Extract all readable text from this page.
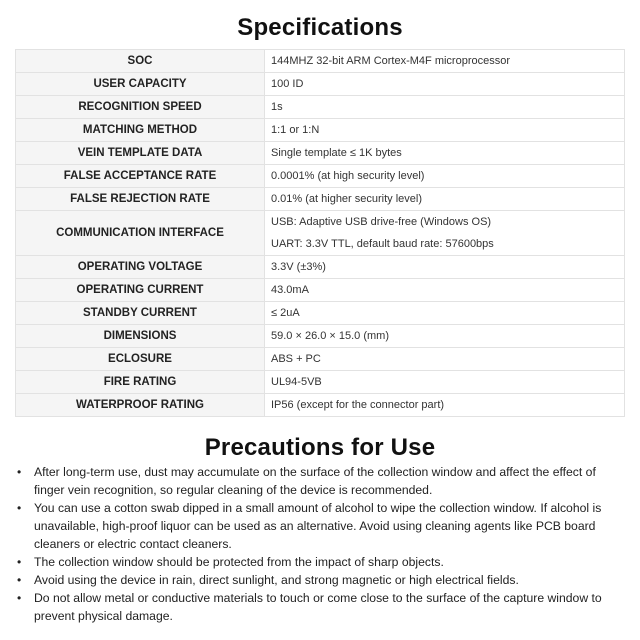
Specifications
SOC	144MHZ 32-bit ARM Cortex-M4F microprocessor

USER CAPACITY	100 ID

RECOGNITION SPEED	1s

MATCHING METHOD	1:1 or 1:N

VEIN TEMPLATE DATA	Single template ≤ 1K bytes

FALSE ACCEPTANCE RATE	0.0001% (at high security level)

FALSE REJECTION RATE	0.01% (at higher security level)

COMMUNICATION INTERFACE	USB: Adaptive USB drive-free (Windows OS)
UART: 3.3V TTL, default baud rate: 57600bps

OPERATING VOLTAGE	3.3V (±3%)

OPERATING CURRENT	43.0mA

STANDBY CURRENT	≤ 2uA

DIMENSIONS	59.0 × 26.0 × 15.0 (mm)

ECLOSURE	ABS + PC

FIRE RATING	UL94-5VB

WATERPROOF RATING	IP56 (except for the connector part)
Precautions for Use
• After long-term use, dust may accumulate on the surface of the collection window and affect the effect of finger vein recognition, so regular cleaning of the device is recommended.
• You can use a cotton swab dipped in a small amount of alcohol to wipe the collection window. If alcohol is unavailable, high-proof liquor can be used as an alternative. Avoid using cleaning agents like PCB board cleaners or electric contact cleaners.
• The collection window should be protected from the impact of sharp objects.
• Avoid using the device in rain, direct sunlight, and strong magnetic or high electrical fields.
• Do not allow metal or conductive materials to touch or come close to the surface of the capture window to prevent physical damage.
